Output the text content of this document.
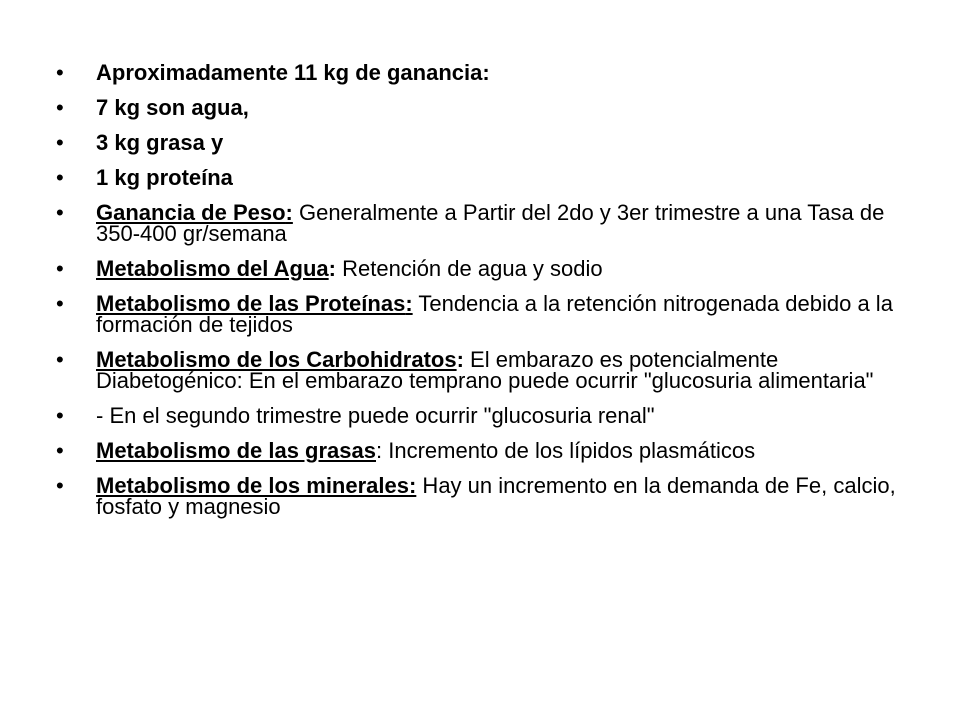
•	Aproximadamente 11 kg de ganancia:
•	7 kg son agua,
•	3 kg grasa y
•	1 kg proteína
•	Ganancia de Peso: Generalmente a Partir del 2do y 3er trimestre a una Tasa de 350-400 gr/semana
•	Metabolismo del Agua: Retención de agua y sodio
•	Metabolismo de las Proteínas: Tendencia a la retención nitrogenada debido a la formación de tejidos
•	Metabolismo de los Carbohidratos: El embarazo es potencialmente Diabetogénico: En el embarazo temprano puede ocurrir "glucosuria alimentaria"
•	- En el segundo trimestre puede ocurrir "glucosuria renal"
•	Metabolismo de las grasas: Incremento de los lípidos plasmáticos
•	Metabolismo de los minerales: Hay un incremento en la demanda de Fe, calcio, fosfato y magnesio
